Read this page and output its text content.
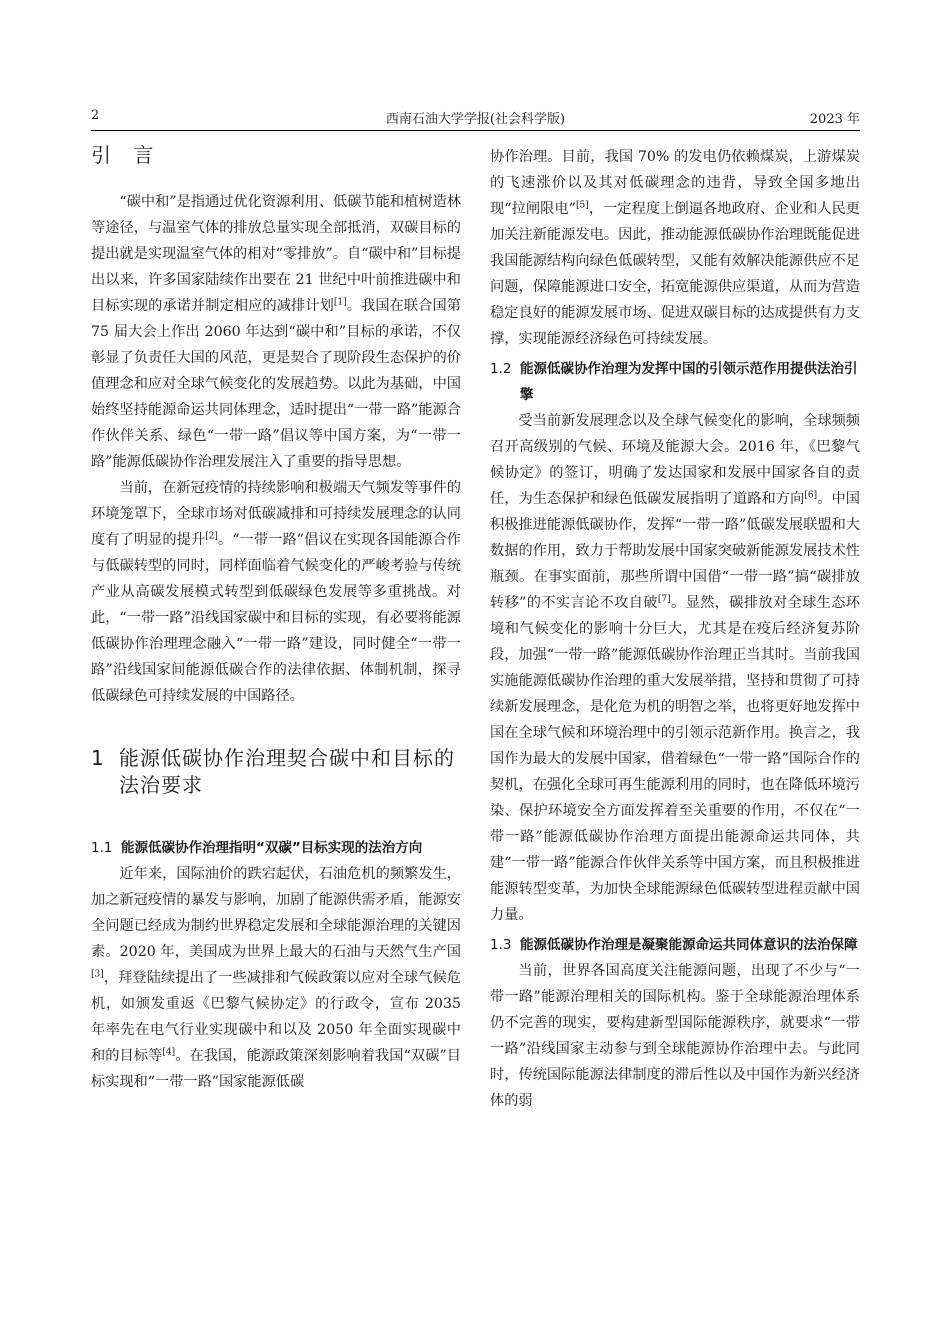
2	西南石油大学学报(社会科学版)	2023 年
引 言

“碳中和”是指通过优化资源利用、低碳节能和植树造林等途径，与温室气体的排放总量实现全部抵消，双碳目标的提出就是实现温室气体的相对“零排放”。自“碳中和”目标提出以来，许多国家陆续作出要在 21 世纪中叶前推进碳中和目标实现的承诺并制定相应的减排计划[1]。我国在联合国第 75 届大会上作出 2060 年达到“碳中和”目标的承诺，不仅彰显了负责任大国的风范，更是契合了现阶段生态保护的价值理念和应对全球气候变化的发展趋势。以此为基础，中国始终坚持能源命运共同体理念，适时提出“一带一路”能源合作伙伴关系、绿色“一带一路”倡议等中国方案，为“一带一路”能源低碳协作治理发展注入了重要的指导思想。

当前，在新冠疫情的持续影响和极端天气频发等事件的环境笼罩下，全球市场对低碳减排和可持续发展理念的认同度有了明显的提升[2]。“一带一路”倡议在实现各国能源合作与低碳转型的同时，同样面临着气候变化的严峻考验与传统产业从高碳发展模式转型到低碳绿色发展等多重挑战。对此，“一带一路”沿线国家碳中和目标的实现，有必要将能源低碳协作治理理念融入“一带一路”建设，同时健全“一带一路”沿线国家间能源低碳合作的法律依据、体制机制，探寻低碳绿色可持续发展的中国路径。

1 能源低碳协作治理契合碳中和目标的法治要求
1.1 能源低碳协作治理指明“双碳”目标实现的法治方向

近年来，国际油价的跌宕起伏，石油危机的频繁发生，加之新冠疫情的暴发与影响，加剧了能源供需矛盾，能源安全问题已经成为制约世界稳定发展和全球能源治理的关键因素。2020 年，美国成为世界上最大的石油与天然气生产国[3]，拜登陆续提出了一些减排和气候政策以应对全球气候危机，如颁发重返《巴黎气候协定》的行政令，宣布 2035 年率先在电气行业实现碳中和以及 2050 年全面实现碳中和的目标等[4]。在我国，能源政策深刻影响着我国“双碳”目标实现和“一带一路”国家能源低碳

协作治理。目前，我国 70% 的发电仍依赖煤炭，上游煤炭的飞速涨价以及其对低碳理念的违背，导致全国多地出现“拉闸限电”[5]，一定程度上倒逼各地政府、企业和人民更加关注新能源发电。因此，推动能源低碳协作治理既能促进我国能源结构向绿色低碳转型，又能有效解决能源供应不足问题，保障能源进口安全，拓宽能源供应渠道，从而为营造稳定良好的能源发展市场、促进双碳目标的达成提供有力支撑，实现能源经济绿色可持续发展。

1.2 能源低碳协作治理为发挥中国的引领示范作用提供法治引擎

受当前新发展理念以及全球气候变化的影响，全球频频召开高级别的气候、环境及能源大会。2016 年，《巴黎气候协定》的签订，明确了发达国家和发展中国家各自的责任，为生态保护和绿色低碳发展指明了道路和方向[6]。中国积极推进能源低碳协作，发挥“一带一路”低碳发展联盟和大数据的作用，致力于帮助发展中国家突破新能源发展技术性瓶颈。在事实面前，那些所谓中国借“一带一路”搞“碳排放转移”的不实言论不攻自破[7]。显然，碳排放对全球生态环境和气候变化的影响十分巨大，尤其是在疫后经济复苏阶段，加强“一带一路”能源低碳协作治理正当其时。当前我国实施能源低碳协作治理的重大发展举措，坚持和贯彻了可持续新发展理念，是化危为机的明智之举，也将更好地发挥中国在全球气候和环境治理中的引领示范新作用。换言之，我国作为最大的发展中国家，借着绿色“一带一路”国际合作的契机，在强化全球可再生能源利用的同时，也在降低环境污染、保护环境安全方面发挥着至关重要的作用，不仅在“一带一路”能源低碳协作治理方面提出能源命运共同体，共建“一带一路”能源合作伙伴关系等中国方案，而且积极推进能源转型变革，为加快全球能源绿色低碳转型进程贡献中国力量。

1.3 能源低碳协作治理是凝聚能源命运共同体意识的法治保障

当前，世界各国高度关注能源问题，出现了不少与“一带一路”能源治理相关的国际机构。鉴于全球能源治理体系仍不完善的现实，要构建新型国际能源秩序，就要求“一带一路”沿线国家主动参与到全球能源协作治理中去。与此同时，传统国际能源法律制度的滞后性以及中国作为新兴经济体的弱
